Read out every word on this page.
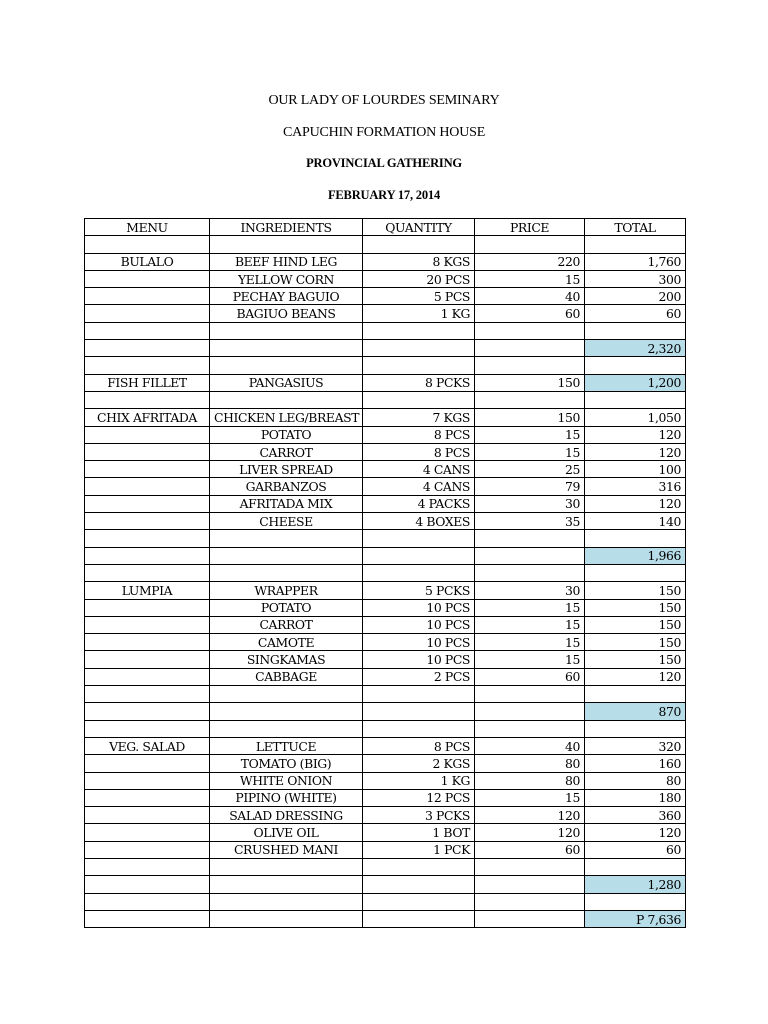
OUR LADY OF LOURDES SEMINARY
CAPUCHIN FORMATION HOUSE
PROVINCIAL GATHERING
FEBRUARY 17, 2014
MENU	INGREDIENTS	QUANTITY	PRICE	TOTAL

BULALO	BEEF HIND LEG	8 KGS	220	1,760
	YELLOW CORN	20 PCS	15	300
	PECHAY BAGUIO	5 PCS	40	200
	BAGIUO BEANS	1 KG	60	60

				2,320

FISH FILLET	PANGASIUS	8 PCKS	150	1,200

CHIX AFRITADA	CHICKEN LEG/BREAST	7 KGS	150	1,050
	POTATO	8 PCS	15	120
	CARROT	8 PCS	15	120
	LIVER SPREAD	4 CANS	25	100
	GARBANZOS	4 CANS	79	316
	AFRITADA MIX	4 PACKS	30	120
	CHEESE	4 BOXES	35	140

				1,966

LUMPIA	WRAPPER	5 PCKS	30	150
	POTATO	10 PCS	15	150
	CARROT	10 PCS	15	150
	CAMOTE	10 PCS	15	150
	SINGKAMAS	10 PCS	15	150
	CABBAGE	2 PCS	60	120

				870

VEG. SALAD	LETTUCE	8 PCS	40	320
	TOMATO (BIG)	2 KGS	80	160
	WHITE ONION	1 KG	80	80
	PIPINO (WHITE)	12 PCS	15	180
	SALAD DRESSING	3 PCKS	120	360
	OLIVE OIL	1 BOT	120	120
	CRUSHED MANI	1 PCK	60	60

				1,280

				P 7,636
